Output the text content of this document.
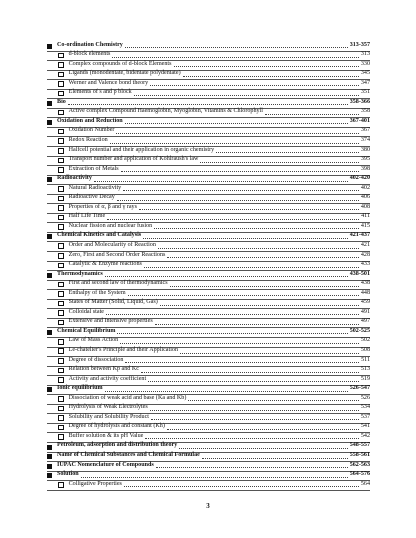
Co-ordination Chemistry	313-357
d-block elements	313
Complex compounds of d-block Elements	330
Ligands (monodentate, bidentate polydentate)	345
Werner and Valence bond theory	347
Elements of s and p block	351
Bio	358-366
Active complex Compound Haemoglobin, Myoglobin, Vitamins & Chlorophyll	358
Oxidation and Reduction	367-401
Oxidation Number	367
Redox Reaction	374
Halfcell potential and their application in organic chemistry	380
Transport number and application of Kohlraush's law	395
Extraction of Metals	398
Radioactivity	402-420
Natural Radioactivity	402
Radioactive Decay	406
Properties of α, β and γ rays	408
Half Life Time	411
Nuclear fission and nuclear fusion	415
Chemical Kinetics and Catalysis	421-437
Order and Molecularity of Reaction	421
Zero, First and Second Order Reactions	428
Catalytic & Enzyme reactions	433
Thermodynamics	438-501
First and second law of thermodynamics	438
Enthalpy of the System	448
States of Matter (Solid, Liquid, Gas)	459
Colloidal state	491
Extensive and Intensive properties	497
Chemical Equilibrium	502-525
Law of Mass Action	502
Le-chatelier's Principle and their Application	508
Degree of dissociation	511
Relation between Kp and Kc	513
Activity and activity coefficient	519
Ionic equilibrium	526-547
Dissociation of weak acid and base (Ka and Kb)	526
Hydrolysis of Weak Electrolytes	534
Solubility and Solubility Product	537
Degree of hydrolysis and constant (Kh)	541
Buffer solution & its pH Value	542
Petroleum, adsorption and distribution theory	548-557
Name of Chemical Substances and Chemical Formulae	558-561
IUPAC Nomenclature of Compounds	562-563
Solution	564-576
Colligative Properties	564
3
